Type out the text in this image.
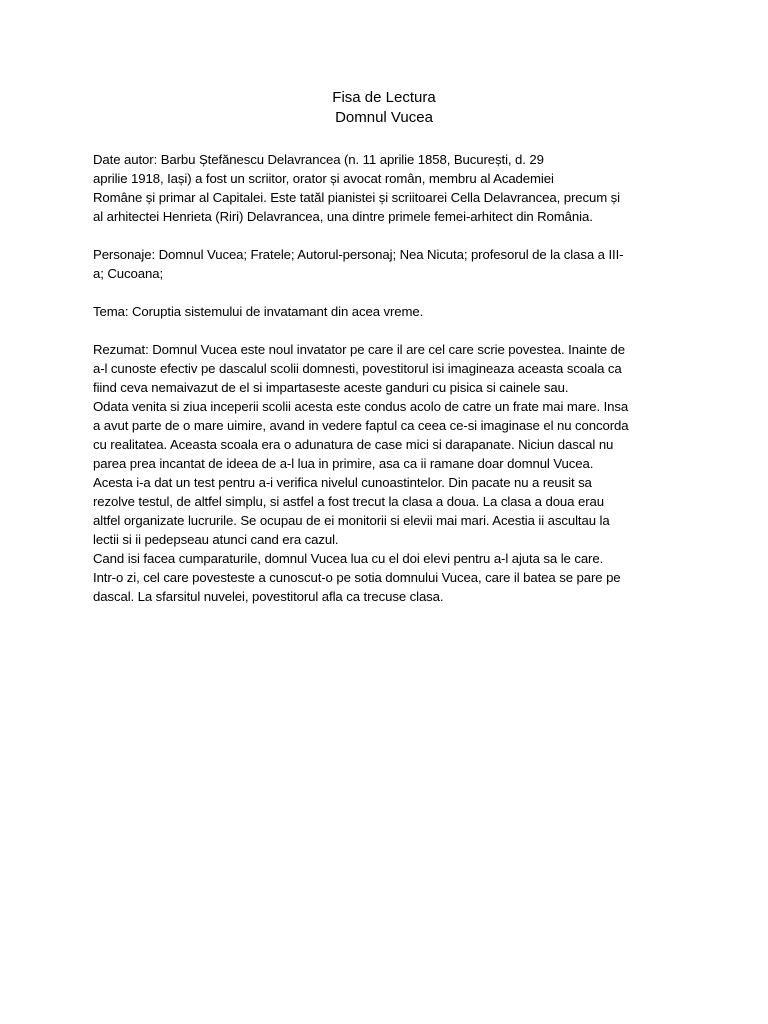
Fisa de Lectura
Domnul Vucea
Date autor: Barbu Ștefănescu Delavrancea (n. 11 aprilie 1858, București, d. 29
aprilie 1918, Iași) a fost un scriitor, orator și avocat român, membru al Academiei
Române și primar al Capitalei. Este tatăl pianistei și scriitoarei Cella Delavrancea, precum și
al arhitectei Henrieta (Riri) Delavrancea, una dintre primele femei-arhitect din România.
Personaje: Domnul Vucea; Fratele; Autorul-personaj; Nea Nicuta; profesorul de la clasa a III-
a; Cucoana;
Tema: Coruptia sistemului de invatamant din acea vreme.
Rezumat: Domnul Vucea este noul invatator pe care il are cel care scrie povestea. Inainte de
a-l cunoste efectiv pe dascalul scolii domnesti, povestitorul isi imagineaza aceasta scoala ca
fiind ceva nemaivazut de el si impartaseste aceste ganduri cu pisica si cainele sau.
Odata venita si ziua inceperii scolii acesta este condus acolo de catre un frate mai mare. Insa
a avut parte de o mare uimire, avand in vedere faptul ca ceea ce-si imaginase el nu concorda
cu realitatea. Aceasta scoala era o adunatura de case mici si darapanate. Niciun dascal nu
parea prea incantat de ideea de a-l lua in primire, asa ca ii ramane doar domnul Vucea.
Acesta i-a dat un test pentru a-i verifica nivelul cunoastintelor. Din pacate nu a reusit sa
rezolve testul, de altfel simplu, si astfel a fost trecut la clasa a doua. La clasa a doua erau
altfel organizate lucrurile. Se ocupau de ei monitorii si elevii mai mari. Acestia ii ascultau la
lectii si ii pedepseau atunci cand era cazul.
Cand isi facea cumparaturile, domnul Vucea lua cu el doi elevi pentru a-l ajuta sa le care.
Intr-o zi, cel care povesteste a cunoscut-o pe sotia domnului Vucea, care il batea se pare pe
dascal. La sfarsitul nuvelei, povestitorul afla ca trecuse clasa.
